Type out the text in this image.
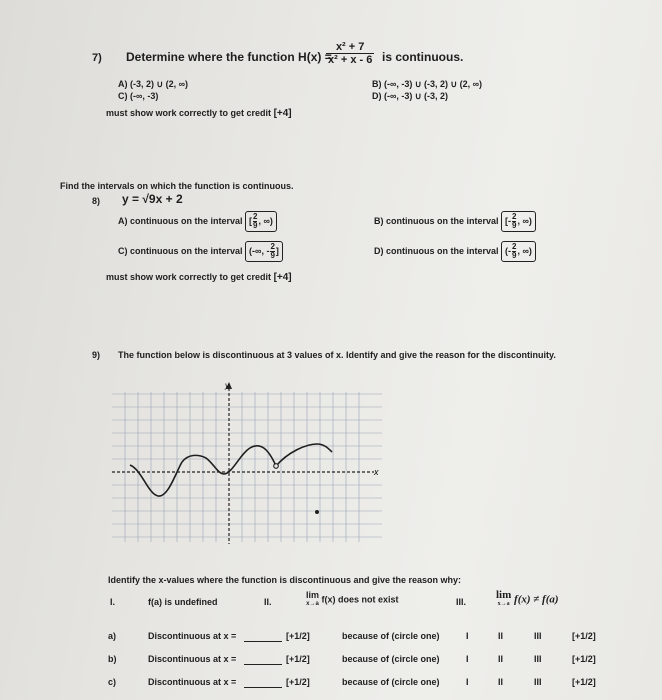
7) Determine where the function H(x) =
$\frac{\text{x² + 7}}{\text{x² + x - 6}}$ is continuous.
A) (-3, 2) ∪ (2, ∞)	B) (-∞, -3) ∪ (-3, 2) ∪ (2, ∞)
C) (-∞, -3)	D) (-∞, -3) ∪ (-3, 2)
must show work correctly to get credit [+4]
Find the intervals on which the function is continuous.
8) y = √9x + 2
A) continuous on the interval [ $\frac{2}{9}$ , ∞)	B) continuous on the interval [- $\frac{2}{9}$ , ∞)
C) continuous on the interval (-∞, - $\frac{2}{9}$ ]	D) continuous on the interval (- $\frac{2}{9}$ , ∞)
must show work correctly to get credit [+4]
9) The function below is discontinuous at 3 values of x. Identify and give the reason for the discontinuity.
y
x
Identify the x-values where the function is discontinuous and give the reason why:
I.	f(a) is undefined	II.
lim
x→a f(x) does not exist	III.
lim
x→a f(x) ≠ f(a)
a)	Discontinuous at x =	[+1/2]	because of (circle one)	I	II	III	[+1/2]
b)	Discontinuous at x =	[+1/2]	because of (circle one)	I	II	III	[+1/2]
c)	Discontinuous at x =	[+1/2]	because of (circle one)	I	II	III	[+1/2]
